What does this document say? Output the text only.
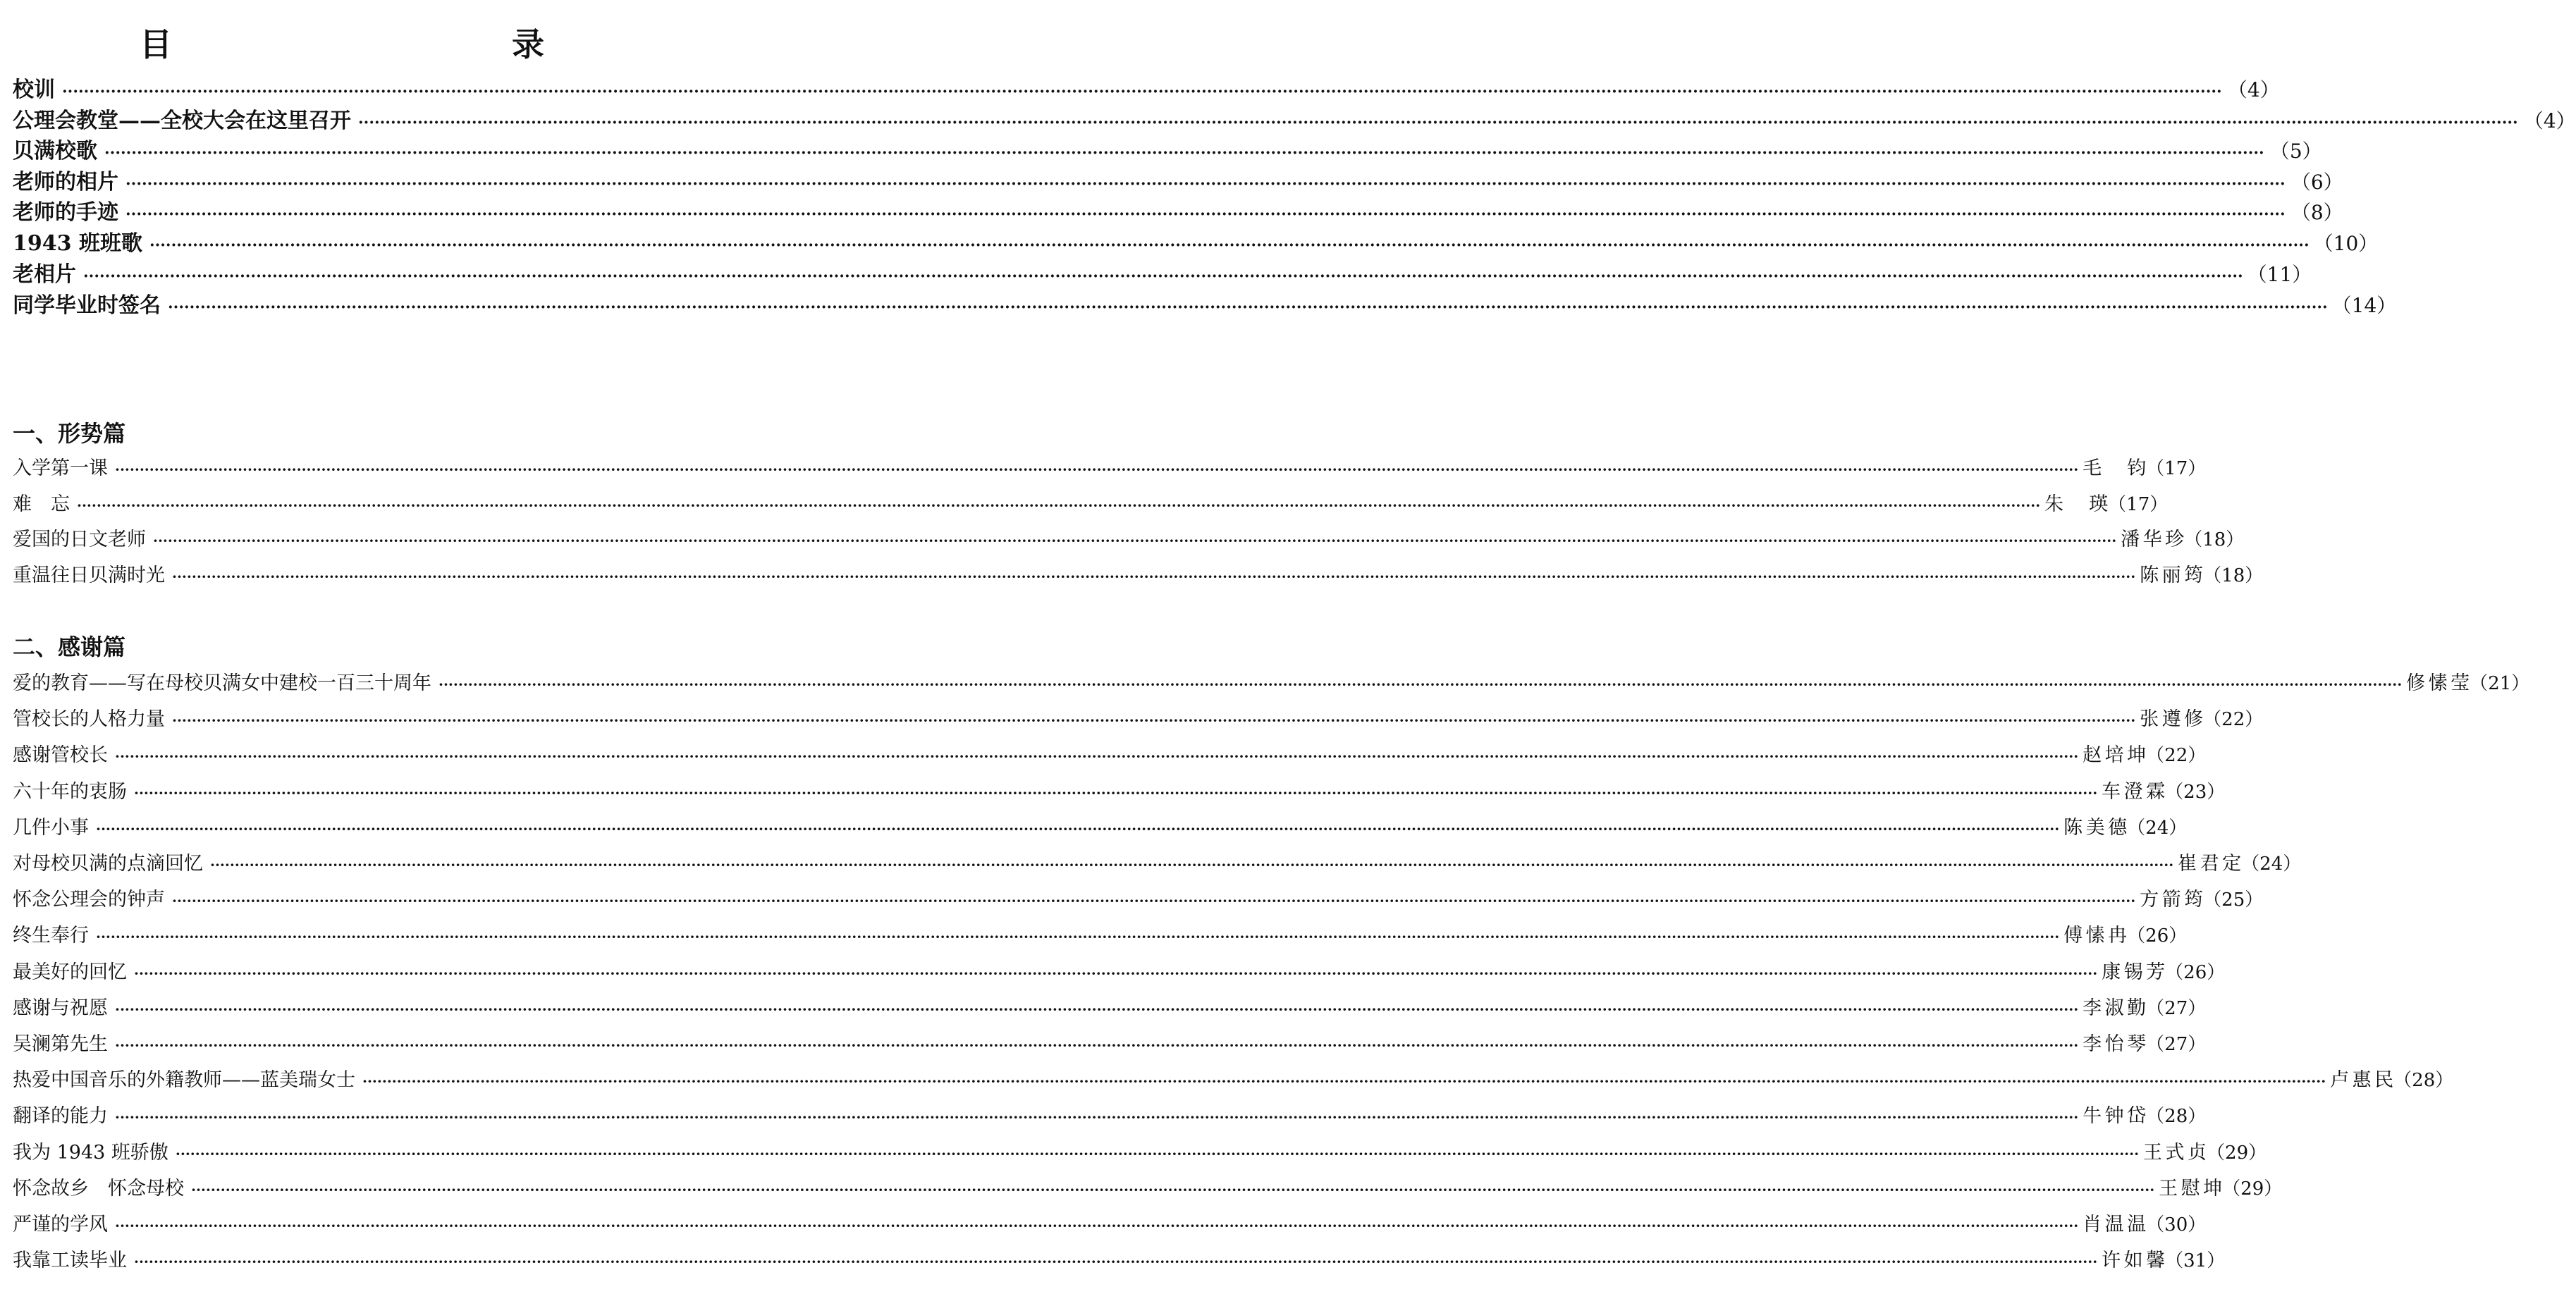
目　　录
校训 ················································································································································································································································································································································································································ （4）
公理会教堂——全校大会在这里召开 ················································································································································································································································································································································································································ （4）
贝满校歌 ················································································································································································································································································································································································································ （5）
老师的相片 ················································································································································································································································································································································································································ （6）
老师的手迹 ················································································································································································································································································································································································································ （8）
1943 班班歌 ················································································································································································································································································································································································································ （10）
老相片 ················································································································································································································································································································································································································ （11）
同学毕业时签名 ················································································································································································································································································································································································································ （14）
一、形势篇
入学第一课 ················································································································································································································································································································································································································ 毛　钧 （17）
难　忘 ················································································································································································································································································································································································································ 朱　瑛 （17）
爱国的日文老师 ················································································································································································································································································································································································································ 潘华珍 （18）
重温往日贝满时光 ················································································································································································································································································································································································································ 陈丽筠 （18）
二、感谢篇
爱的教育——写在母校贝满女中建校一百三十周年 ················································································································································································································································································································································································································ 修愫莹 （21）
管校长的人格力量 ················································································································································································································································································································································································································ 张遵修 （22）
感谢管校长 ················································································································································································································································································································································································································ 赵培坤 （22）
六十年的衷肠 ················································································································································································································································································································································································································ 车澄霖 （23）
几件小事 ················································································································································································································································································································································································································ 陈美德 （24）
对母校贝满的点滴回忆 ················································································································································································································································································································································································································ 崔君定 （24）
怀念公理会的钟声 ················································································································································································································································································································································································································ 方箭筠 （25）
终生奉行 ················································································································································································································································································································································································································ 傅愫冉 （26）
最美好的回忆 ················································································································································································································································································································································································································ 康锡芳 （26）
感谢与祝愿 ················································································································································································································································································································································································································ 李淑勤 （27）
吴澜第先生 ················································································································································································································································································································································································································ 李怡琴 （27）
热爱中国音乐的外籍教师——蓝美瑞女士 ················································································································································································································································································································································································································ 卢惠民 （28）
翻译的能力 ················································································································································································································································································································································································································ 牛钟岱 （28）
我为 1943 班骄傲 ················································································································································································································································································································································································································ 王式贞 （29）
怀念故乡　怀念母校 ················································································································································································································································································································································································································ 王慰坤 （29）
严谨的学风 ················································································································································································································································································································································································································ 肖温温 （30）
我靠工读毕业 ················································································································································································································································································································································································································ 许如馨 （31）
